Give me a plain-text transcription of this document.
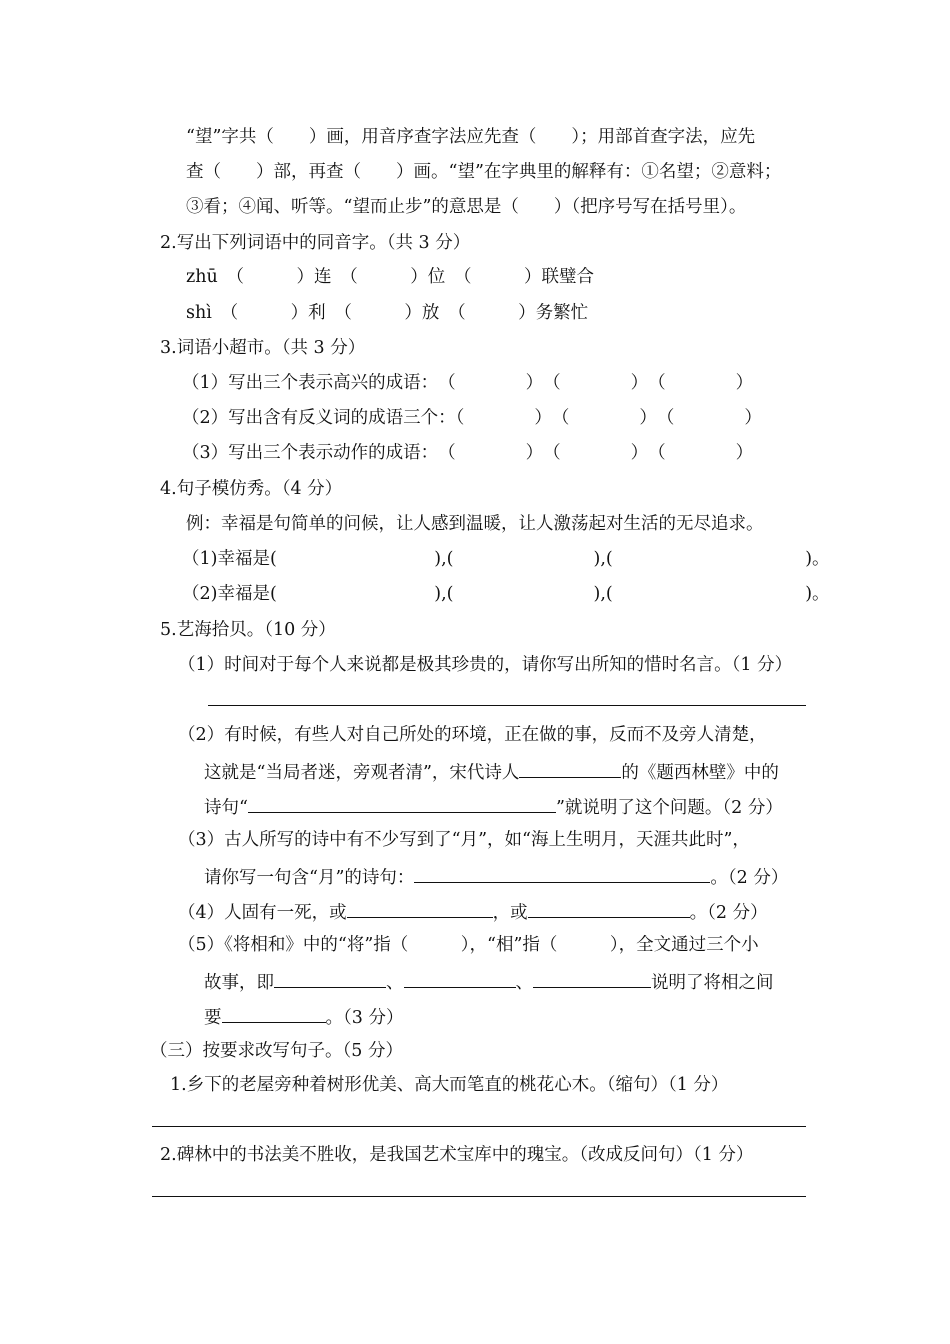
“望”字共（　　）画，用音序查字法应先查（　　）；用部首查字法，应先
查（　　）部，再查（　　）画。“望”在字典里的解释有：①名望；②意料；
③看；④闻、听等。“望而止步”的意思是（　　）（把序号写在括号里）。
2.写出下列词语中的同音字。（共 3 分）
zhū　（　　　）连　（　　　）位　（　　　）联璧合
shì　（　　　）利　（　　　）放　（　　　）务繁忙
3.词语小超市。（共 3 分）
（1）写出三个表示高兴的成语：　（　　　　）　（　　　　）　（　　　　）
（2）写出含有反义词的成语三个：（　　　　）　（　　　　）　（　　　　）
（3）写出三个表示动作的成语：　（　　　　）　（　　　　）　（　　　　）
4.句子模仿秀。（4 分）
例：幸福是句简单的问候，让人感到温暖，让人激荡起对生活的无尽追求。
（1)幸福是(　　　　　　　　　),(　　　　　　　　),(　　　　　　　　　　　)。
（2)幸福是(　　　　　　　　　),(　　　　　　　　),(　　　　　　　　　　　)。
5.艺海拾贝。（10 分）
（1）时间对于每个人来说都是极其珍贵的，请你写出所知的惜时名言。（1 分）
（2）有时候，有些人对自己所处的环境，正在做的事，反而不及旁人清楚，
这就是“当局者迷，旁观者清”，宋代诗人	的《题西林壁》中的
诗句“	”就说明了这个问题。（2 分）
（3）古人所写的诗中有不少写到了“月”，如“海上生明月，天涯共此时”，
请你写一句含“月”的诗句：	。（2 分）
（4）人固有一死，或	，或	。（2 分）
（5）《将相和》中的“将”指（　　　），“相”指（　　　），全文通过三个小
故事，即	、	、	说明了将相之间
要	。（3 分）
（三）按要求改写句子。（5 分）
1.乡下的老屋旁种着树形优美、高大而笔直的桃花心木。（缩句）（1 分）
2.碑林中的书法美不胜收，是我国艺术宝库中的瑰宝。（改成反问句）（1 分）
